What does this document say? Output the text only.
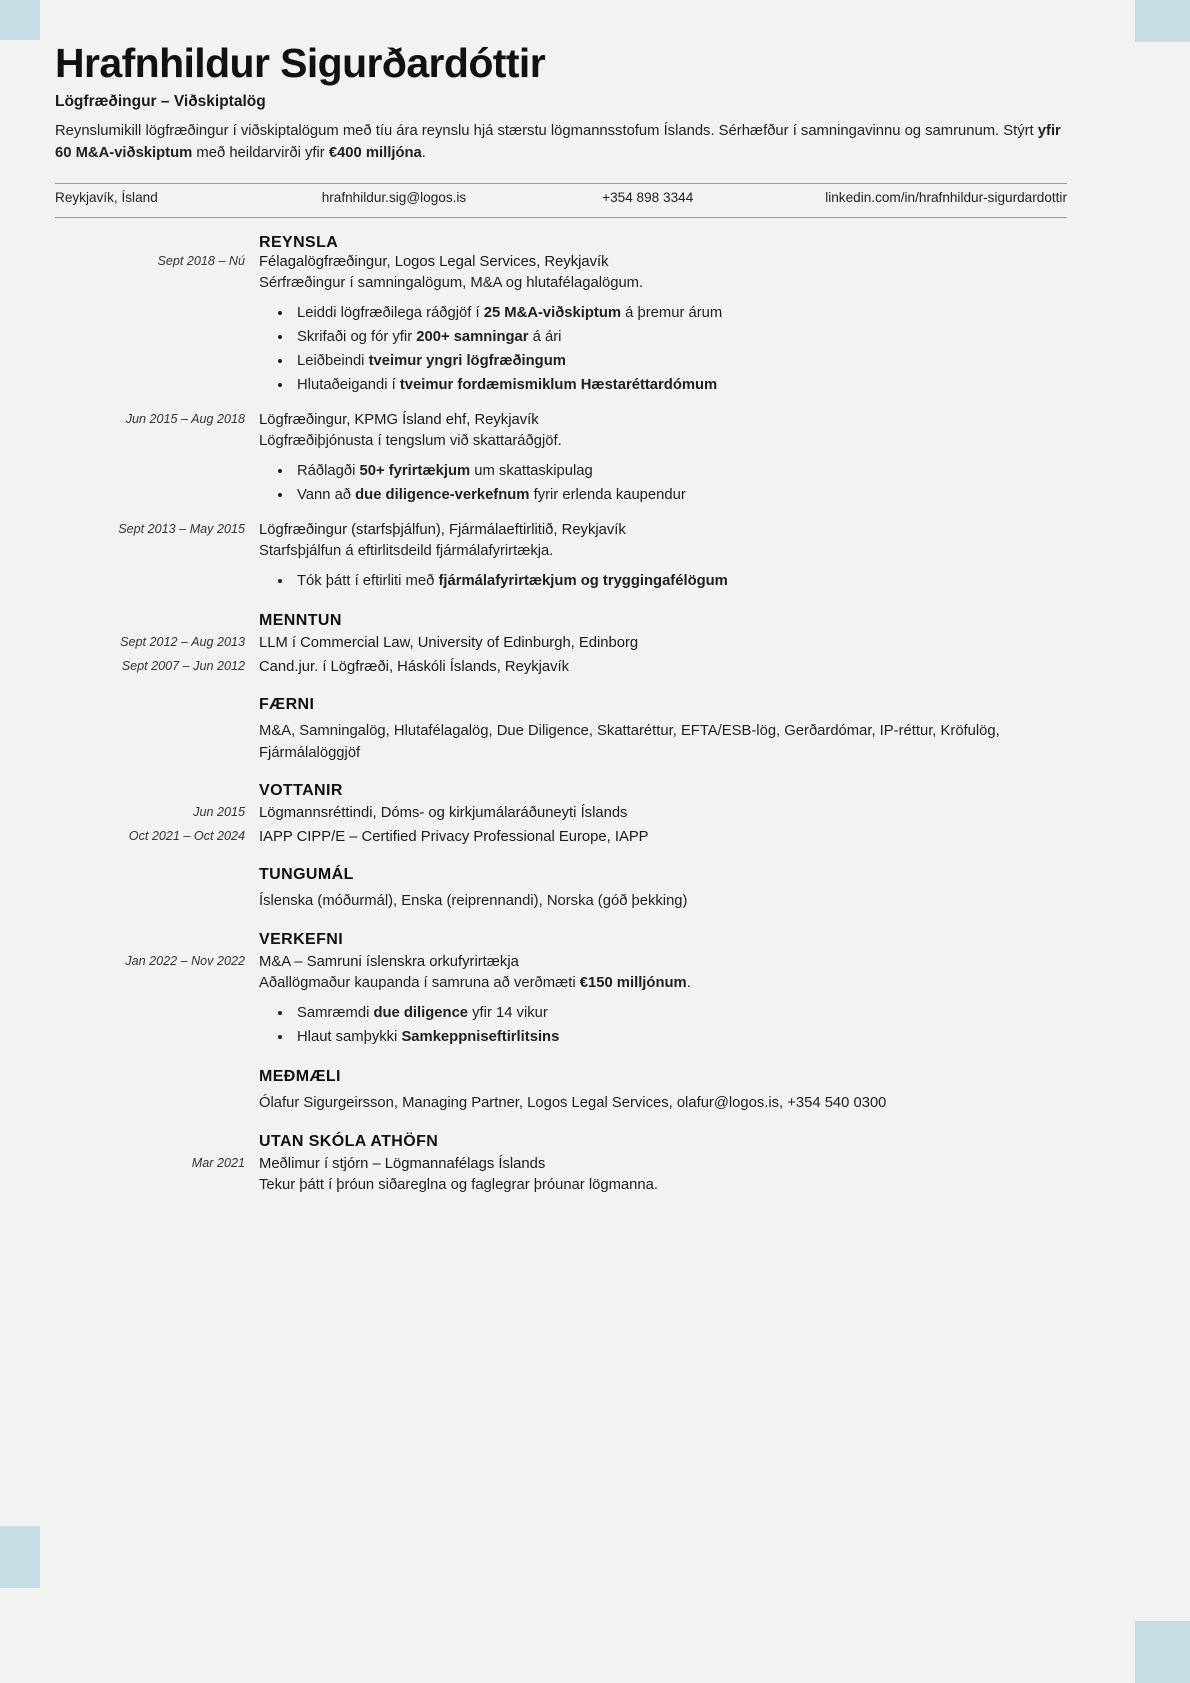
Hrafnhildur Sigurðardóttir
Lögfræðingur – Viðskiptalög

Reynslumikill lögfræðingur í viðskiptalögum með tíu ára reynslu hjá stærstu lögmannsstofum Íslands. Sérhæfður í samningavinnu og samrunum. Stýrt yfir 60 M&A-viðskiptum með heildarvirði yfir €400 milljóna.

Reykjavík, Ísland	hrafnhildur.sig@logos.is	+354 898 3344	linkedin.com/in/hrafnhildur-sigurdardottir
REYNSLA
Sept 2018 – Nú Félagalögfræðingur, Logos Legal Services, Reykjavík
Sérfræðingur í samningalögum, M&A og hlutafélagalögum.
• Leiddi lögfræðilega ráðgjöf í 25 M&A-viðskiptum á þremur árum
• Skrifaði og fór yfir 200+ samningar á ári
• Leiðbeindi tveimur yngri lögfræðingum
• Hlutaðeigandi í tveimur fordæmismiklum Hæstaréttardómum
Jun 2015 – Aug 2018 Lögfræðingur, KPMG Ísland ehf, Reykjavík
Lögfræðiþjónusta í tengslum við skattaráðgjöf.
• Ráðlagði 50+ fyrirtækjum um skattaskipulag
• Vann að due diligence-verkefnum fyrir erlenda kaupendur
Sept 2013 – May 2015 Lögfræðingur (starfsþjálfun), Fjármálaeftirlitið, Reykjavík
Starfsþjálfun á eftirlitsdeild fjármálafyrirtækja.
• Tók þátt í eftirliti með fjármálafyrirtækjum og tryggingafélögum
MENNTUN
Sept 2012 – Aug 2013 LLM í Commercial Law, University of Edinburgh, Edinborg
Sept 2007 – Jun 2012 Cand.jur. í Lögfræði, Háskóli Íslands, Reykjavík
FÆRNI
M&A, Samningalög, Hlutafélagalög, Due Diligence, Skattaréttur, EFTA/ESB-lög, Gerðardómar, IP-réttur, Kröfulög, Fjármálalöggjöf
VOTTANIR
Jun 2015 Lögmannsréttindi, Dóms- og kirkjumálaráðuneyti Íslands
Oct 2021 – Oct 2024 IAPP CIPP/E – Certified Privacy Professional Europe, IAPP
TUNGUMÁL
Íslenska (móðurmál), Enska (reiprennandi), Norska (góð þekking)
VERKEFNI
Jan 2022 – Nov 2022 M&A – Samruni íslenskra orkufyrirtækja
Aðallögmaður kaupanda í samruna að verðmæti €150 milljónum.
• Samræmdi due diligence yfir 14 vikur
• Hlaut samþykki Samkeppniseftirlitsins
MEÐMÆLI
Ólafur Sigurgeirsson, Managing Partner, Logos Legal Services, olafur@logos.is, +354 540 0300
UTAN SKÓLA ATHÖFN
Mar 2021 Meðlimur í stjórn – Lögmannafélags Íslands
Tekur þátt í þróun siðareglna og faglegrar þróunar lögmanna.
